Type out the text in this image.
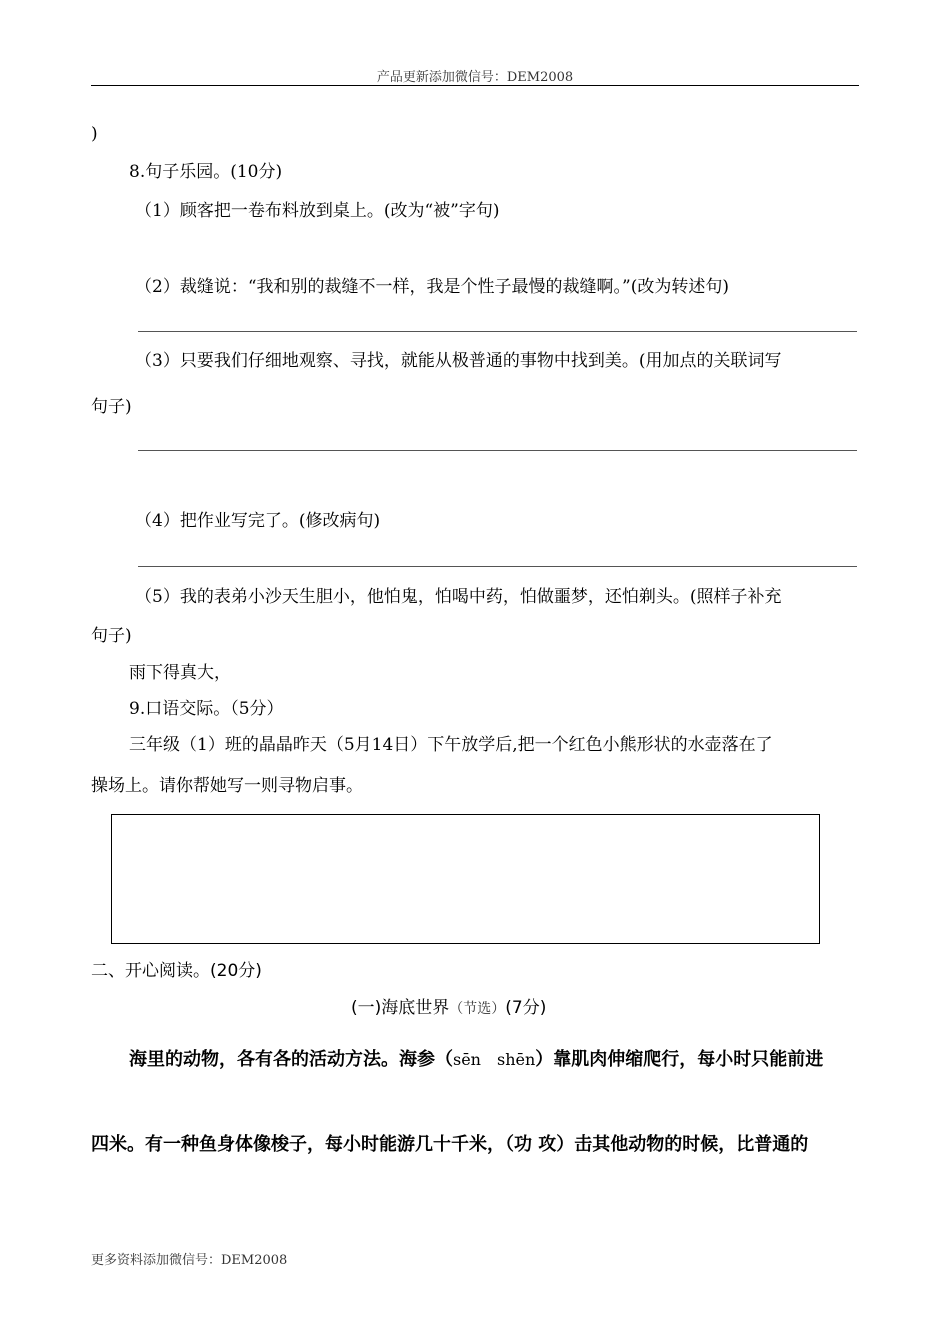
产品更新添加微信号：DEM2008
)
8.句子乐园。(10分)
（1）顾客把一卷布料放到桌上。(改为“被”字句)
（2）裁缝说：“我和别的裁缝不一样，我是个性子最慢的裁缝啊。”(改为转述句)
（3）只要我们仔细地观察、寻找，就能从极普通的事物中找到美。(用加点的关联词写
句子)
（4）把作业写完了。(修改病句)
（5）我的表弟小沙天生胆小，他怕鬼，怕喝中药，怕做噩梦，还怕剃头。(照样子补充
句子)
雨下得真大，
9.口语交际。（5分）
三年级（1）班的晶晶昨天（5月14日）下午放学后,把一个红色小熊形状的水壶落在了
操场上。请你帮她写一则寻物启事。
二、开心阅读。(20分)
(一)海底世界（节选）(7分)
海里的动物，各有各的活动方法。海参（sēn　shēn）靠肌肉伸缩爬行，每小时只能前进
四米。有一种鱼身体像梭子，每小时能游几十千米，（功 攻）击其他动物的时候，比普通的
更多资料添加微信号：DEM2008
